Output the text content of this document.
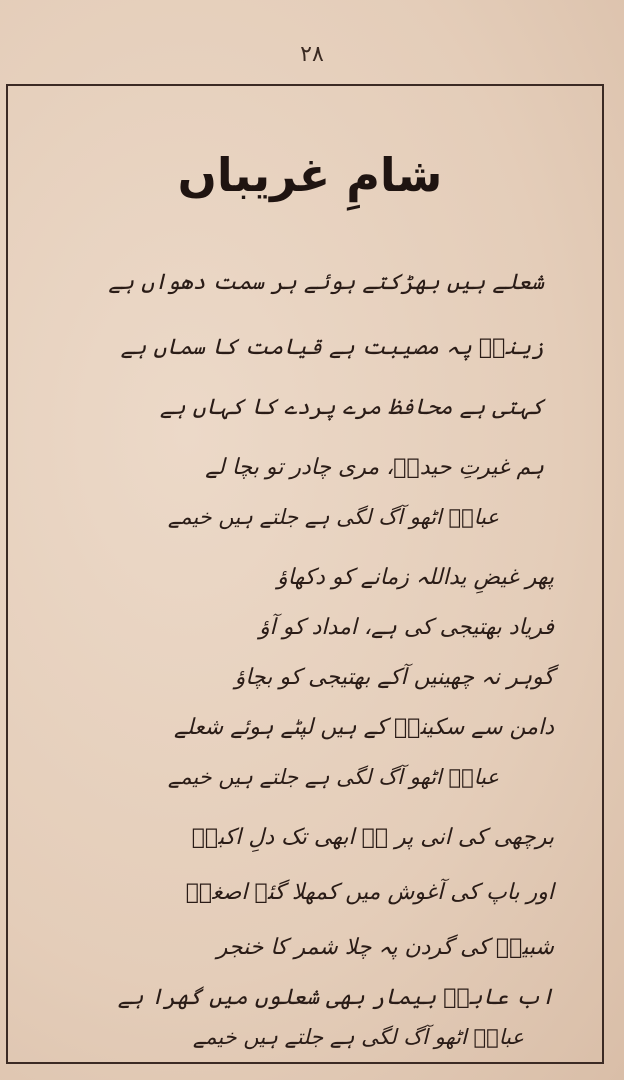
۲۸
شامِ غریباں
شعلے ہیں بھڑکتے ہوئے ہر سمت دھواں ہے
زینبؑ پہ مصیبت ہے قیامت کا سماں ہے
کہتی ہے محافظ مرے پردے کا کہاں ہے
ہم غیرتِ حیدرؑ، مری چادر تو بچا لے
عباسؑ اٹھو آگ لگی ہے جلتے ہیں خیمے
پھر غیضِ یداللہ زمانے کو دکھاؤ
فریاد بھتیجی کی ہے، امداد کو آؤ
گوہر نہ چھینیں آکے بھتیجی کو بچاؤ
دامن سے سکینہؑ کے ہیں لپٹے ہوئے شعلے
عباسؑ اٹھو آگ لگی ہے جلتے ہیں خیمے
برچھی کی انی پر ہے ابھی تک دلِ اکبرؑ
اور باپ کی آغوش میں کمھلا گئے اصغرؑ
شبیرؑ کی گردن پہ چلا شمر کا خنجر
اب عابدؑ بیمار بھی شعلوں میں گھرا ہے
عباسؑ اٹھو آگ لگی ہے جلتے ہیں خیمے
